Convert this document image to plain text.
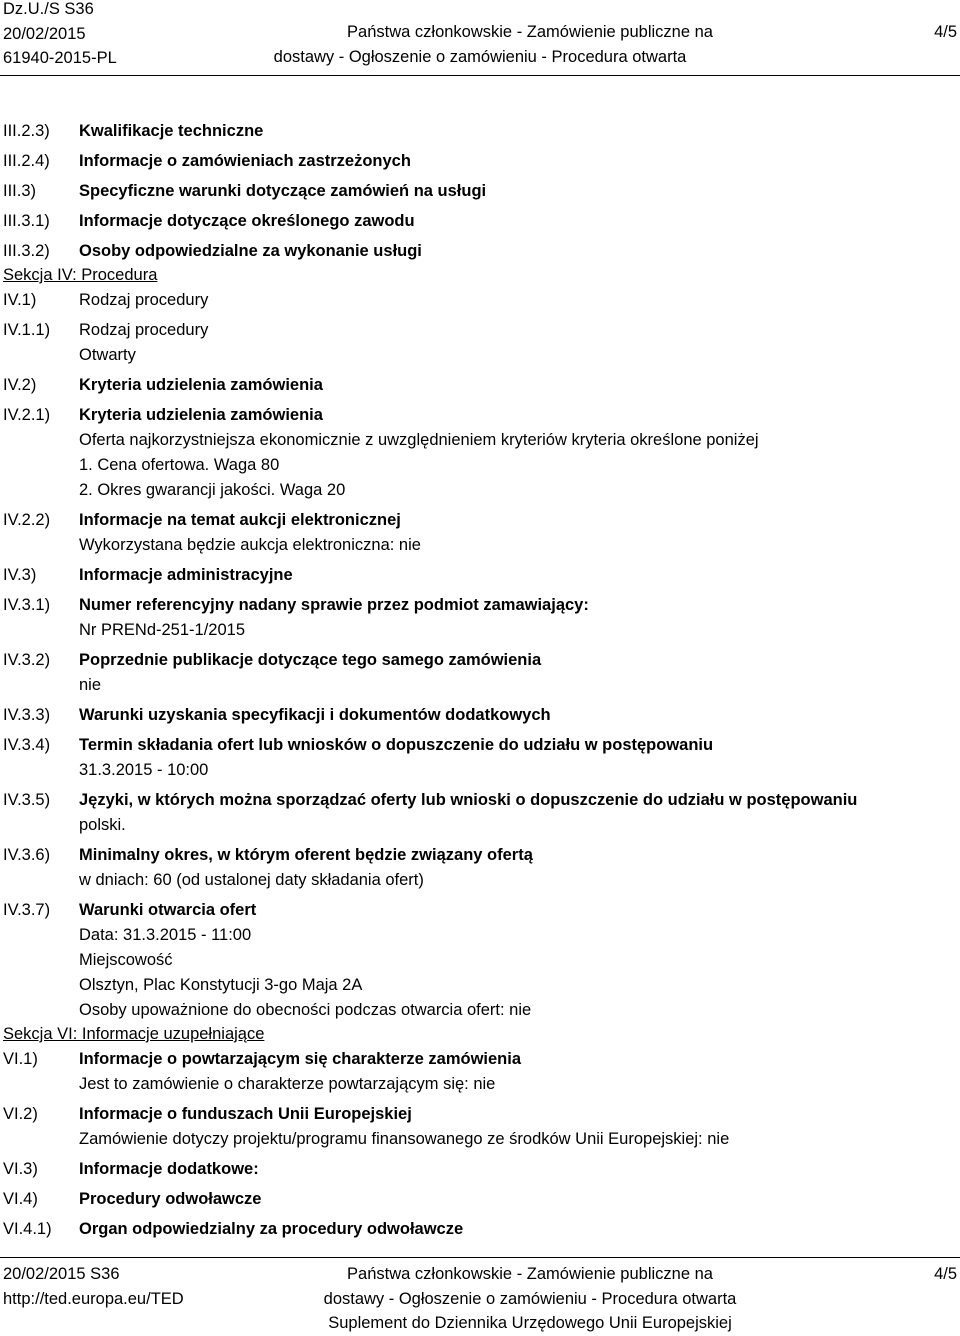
Dz.U./S S36
20/02/2015
61940-2015-PL
Państwa członkowskie - Zamówienie publiczne na
dostawy - Ogłoszenie o zamówieniu - Procedura otwarta
4/5
III.2.3) Kwalifikacje techniczne
III.2.4) Informacje o zamówieniach zastrzeżonych
III.3)	Specyficzne warunki dotyczące zamówień na usługi
III.3.1) Informacje dotyczące określonego zawodu
III.3.2) Osoby odpowiedzialne za wykonanie usługi
Sekcja IV: Procedura
IV.1)	Rodzaj procedury
IV.1.1) Rodzaj procedury
Otwarty
IV.2)	Kryteria udzielenia zamówienia
IV.2.1) Kryteria udzielenia zamówienia
Oferta najkorzystniejsza ekonomicznie z uwzględnieniem kryteriów kryteria określone poniżej
1. Cena ofertowa. Waga 80
2. Okres gwarancji jakości. Waga 20
IV.2.2) Informacje na temat aukcji elektronicznej
Wykorzystana będzie aukcja elektroniczna: nie
IV.3)	Informacje administracyjne
IV.3.1) Numer referencyjny nadany sprawie przez podmiot zamawiający:
Nr PRENd-251-1/2015
IV.3.2) Poprzednie publikacje dotyczące tego samego zamówienia
nie
IV.3.3) Warunki uzyskania specyfikacji i dokumentów dodatkowych
IV.3.4) Termin składania ofert lub wniosków o dopuszczenie do udziału w postępowaniu
31.3.2015 - 10:00
IV.3.5) Języki, w których można sporządzać oferty lub wnioski o dopuszczenie do udziału w postępowaniu
polski.
IV.3.6) Minimalny okres, w którym oferent będzie związany ofertą
w dniach: 60 (od ustalonej daty składania ofert)
IV.3.7) Warunki otwarcia ofert
Data: 31.3.2015 - 11:00
Miejscowość
Olsztyn, Plac Konstytucji 3-go Maja 2A
Osoby upoważnione do obecności podczas otwarcia ofert: nie
Sekcja VI: Informacje uzupełniające
VI.1) Informacje o powtarzającym się charakterze zamówienia
Jest to zamówienie o charakterze powtarzającym się: nie
VI.2) Informacje o funduszach Unii Europejskiej
Zamówienie dotyczy projektu/programu finansowanego ze środków Unii Europejskiej: nie
VI.3) Informacje dodatkowe:
VI.4) Procedury odwoławcze
VI.4.1) Organ odpowiedzialny za procedury odwoławcze
20/02/2015 S36
http://ted.europa.eu/TED
Państwa członkowskie - Zamówienie publiczne na
dostawy - Ogłoszenie o zamówieniu - Procedura otwarta
Suplement do Dziennika Urzędowego Unii Europejskiej
4/5
